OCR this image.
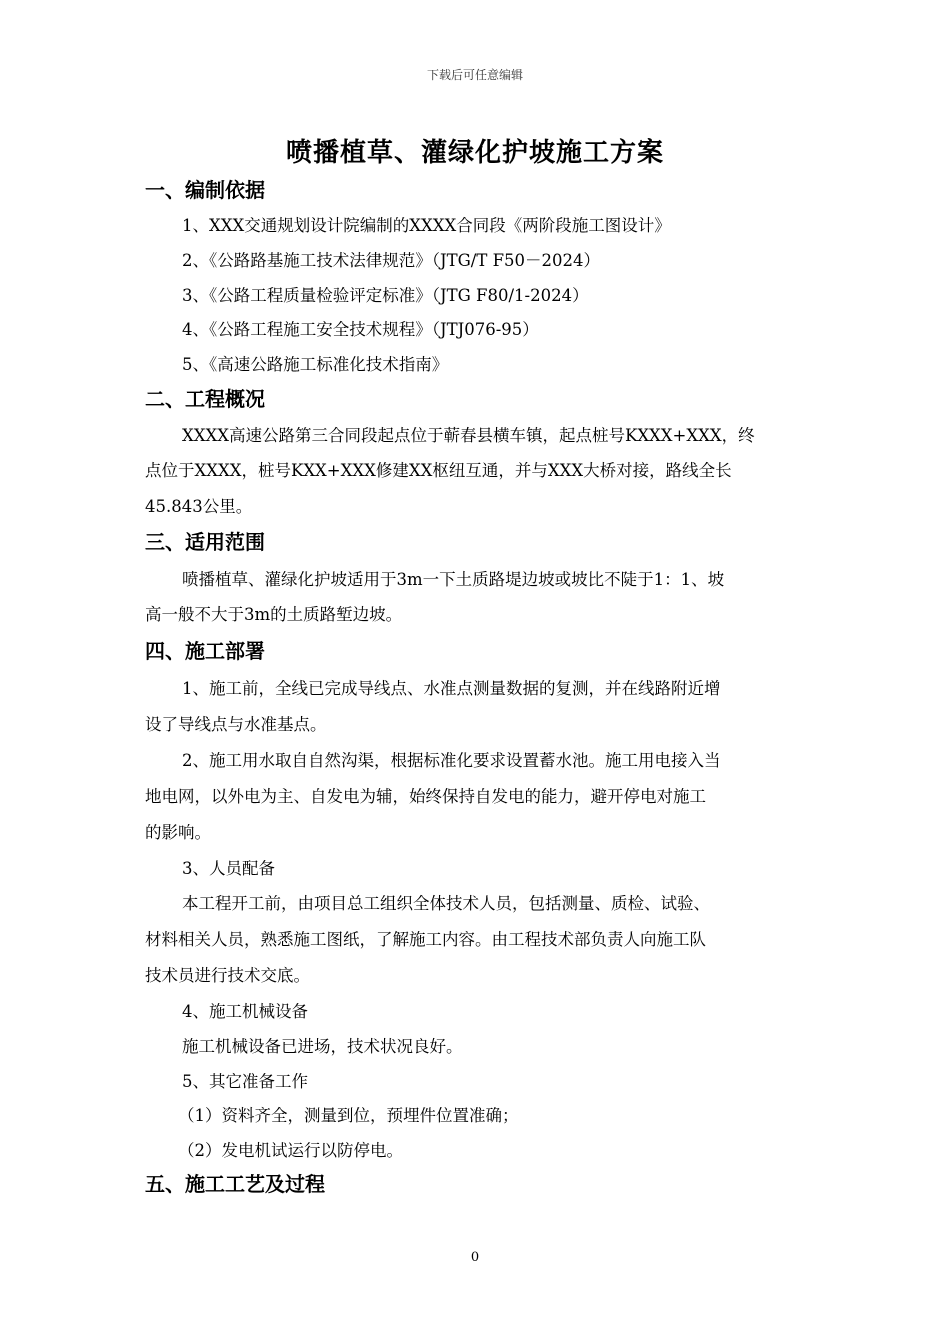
下载后可任意编辑
喷播植草、灌绿化护坡施工方案
一、编制依据
1、XXX交通规划设计院编制的XXXX合同段《两阶段施工图设计》
2、《公路路基施工技术法律规范》（JTG/T F50－2024）
3、《公路工程质量检验评定标准》（JTG F80/1-2024）
4、《公路工程施工安全技术规程》（JTJ076-95）
5、《高速公路施工标准化技术指南》
二、工程概况
XXXX高速公路第三合同段起点位于蕲春县横车镇，起点桩号KXXX+XXX，终
点位于XXXX，桩号KXX+XXX修建XX枢纽互通，并与XXX大桥对接，路线全长
45.843公里。
三、适用范围
喷播植草、灌绿化护坡适用于3m一下土质路堤边坡或坡比不陡于1：1、坡
高一般不大于3m的土质路堑边坡。
四、施工部署
1、施工前，全线已完成导线点、水准点测量数据的复测，并在线路附近增
设了导线点与水准基点。
2、施工用水取自自然沟渠，根据标准化要求设置蓄水池。施工用电接入当
地电网，以外电为主、自发电为辅，始终保持自发电的能力，避开停电对施工
的影响。
3、人员配备
本工程开工前，由项目总工组织全体技术人员，包括测量、质检、试验、
材料相关人员，熟悉施工图纸，了解施工内容。由工程技术部负责人向施工队
技术员进行技术交底。
4、施工机械设备
施工机械设备已进场，技术状况良好。
5、其它准备工作
（1）资料齐全，测量到位，预埋件位置准确；
（2）发电机试运行以防停电。
五、施工工艺及过程
0
